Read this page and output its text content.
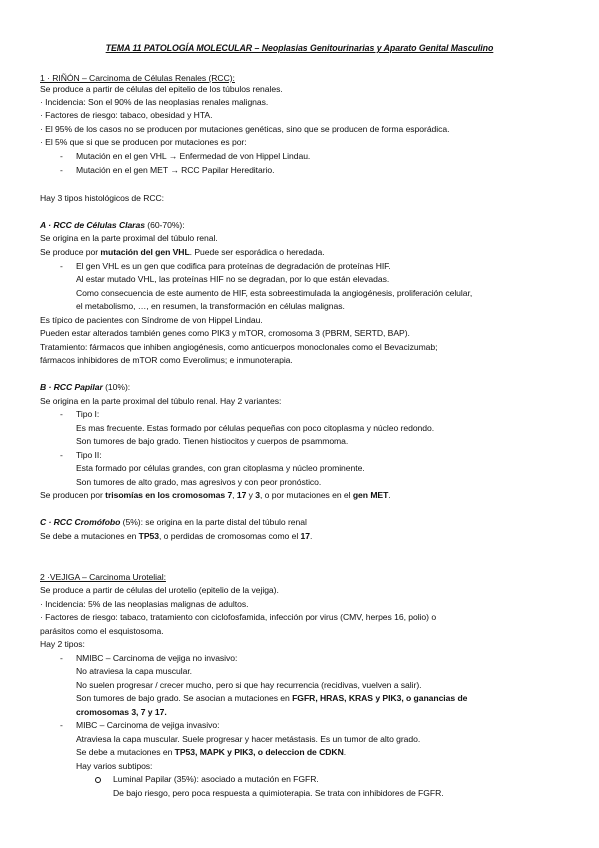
TEMA 11 PATOLOGÍA MOLECULAR – Neoplasias Genitourinarias y Aparato Genital Masculino
1 · RIÑÓN – Carcinoma de Células Renales (RCC):
Se produce a partir de células del epitelio de los túbulos renales.
· Incidencia: Son el 90% de las neoplasias renales malignas.
· Factores de riesgo: tabaco, obesidad y HTA.
· El 95% de los casos no se producen por mutaciones genéticas, sino que se producen de forma esporádica.
· El 5% que si que se producen por mutaciones es por:
- Mutación en el gen VHL → Enfermedad de von Hippel Lindau.
- Mutación en el gen MET → RCC Papilar Hereditario.
Hay 3 tipos histológicos de RCC:
A · RCC de Células Claras (60-70%):
Se origina en la parte proximal del túbulo renal.
Se produce por mutación del gen VHL. Puede ser esporádica o heredada.
- El gen VHL es un gen que codifica para proteínas de degradación de proteínas HIF.
Al estar mutado VHL, las proteínas HIF no se degradan, por lo que están elevadas.
Como consecuencia de este aumento de HIF, esta sobreestimulada la angiogénesis, proliferación celular,
el metabolismo, …, en resumen, la transformación en células malignas.
Es típico de pacientes con Síndrome de von Hippel Lindau.
Pueden estar alterados también genes como PIK3 y mTOR, cromosoma 3 (PBRM, SERTD, BAP).
Tratamiento: fármacos que inhiben angiogénesis, como anticuerpos monoclonales como el Bevacizumab;
fármacos inhibidores de mTOR como Everolimus; e inmunoterapia.
B · RCC Papilar (10%):
Se origina en la parte proximal del túbulo renal. Hay 2 variantes:
- Tipo I:
Es mas frecuente. Estas formado por células pequeñas con poco citoplasma y núcleo redondo.
Son tumores de bajo grado. Tienen histiocitos y cuerpos de psammoma.
- Tipo II:
Esta formado por células grandes, con gran citoplasma y núcleo prominente.
Son tumores de alto grado, mas agresivos y con peor pronóstico.
Se producen por trisomías en los cromosomas 7, 17 y 3, o por mutaciones en el gen MET.
C · RCC Cromófobo (5%): se origina en la parte distal del túbulo renal
Se debe a mutaciones en TP53, o perdidas de cromosomas como el 17.
2 ·VEJIGA – Carcinoma Urotelial:
Se produce a partir de células del urotelio (epitelio de la vejiga).
· Incidencia: 5% de las neoplasias malignas de adultos.
· Factores de riesgo: tabaco, tratamiento con ciclofosfamida, infección por virus (CMV, herpes 16, polio) o
parásitos como el esquistosoma.
Hay 2 tipos:
- NMIBC – Carcinoma de vejiga no invasivo:
No atraviesa la capa muscular.
No suelen progresar / crecer mucho, pero si que hay recurrencia (recidivas, vuelven a salir).
Son tumores de bajo grado. Se asocian a mutaciones en FGFR, HRAS, KRAS y PIK3, o ganancias de
cromosomas 3, 7 y 17.
- MIBC – Carcinoma de vejiga invasivo:
Atraviesa la capa muscular. Suele progresar y hacer metástasis. Es un tumor de alto grado.
Se debe a mutaciones en TP53, MAPK y PIK3, o deleccion de CDKN.
Hay varios subtipos:
Luminal Papilar (35%): asociado a mutación en FGFR.
De bajo riesgo, pero poca respuesta a quimioterapia. Se trata con inhibidores de FGFR.
